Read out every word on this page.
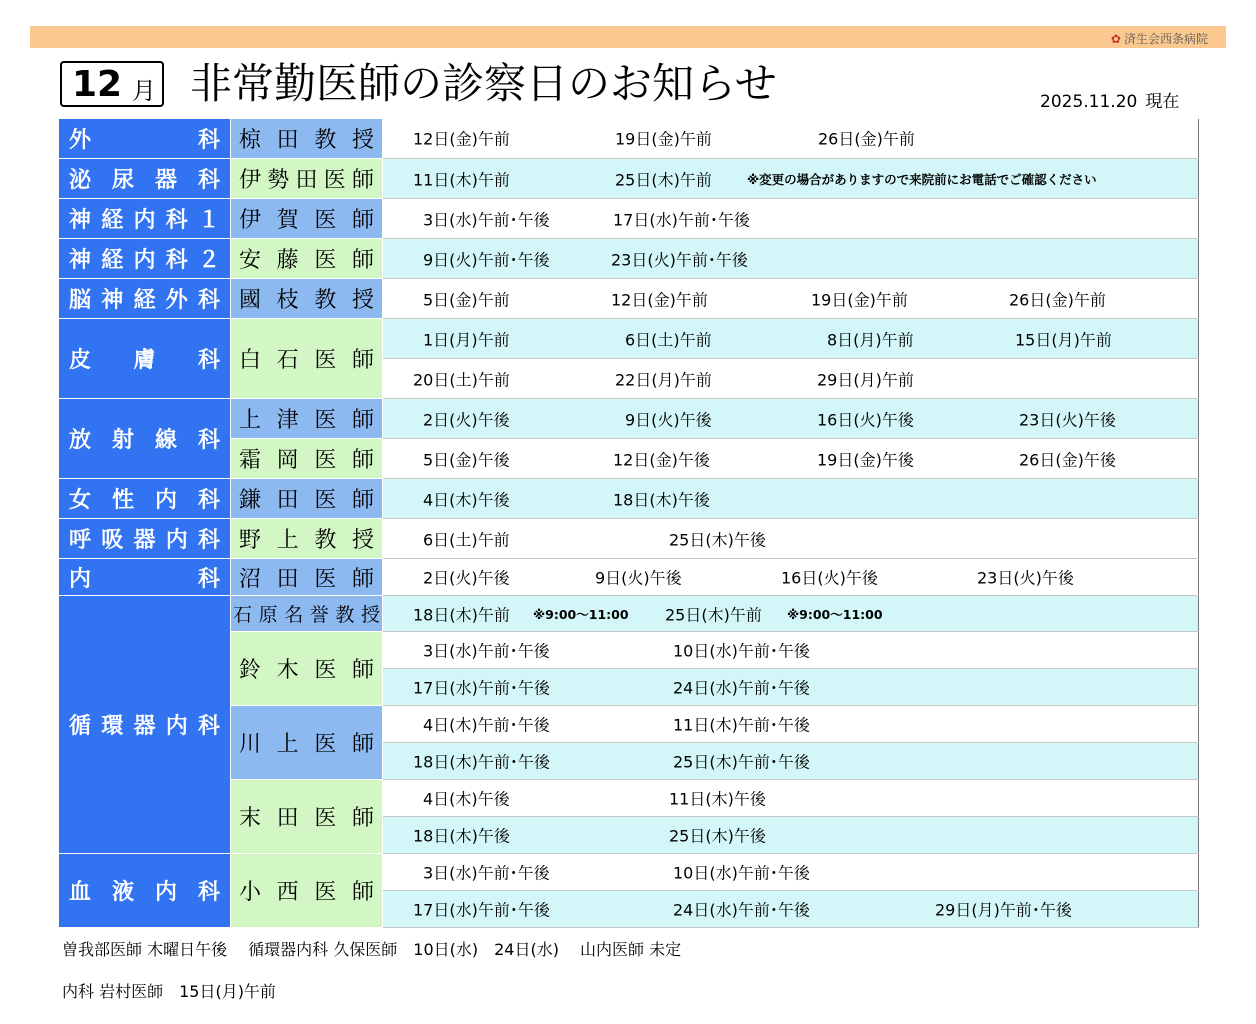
✿ 済生会西条病院
12 月 非常勤医師の診察日のお知らせ	2025.11.20 現在
外科	椋田教授	12日(金)午前 19日(金)午前 26日(金)午前

泌尿器科	伊勢田医師	11日(木)午前 25日(木)午前 ※変更の場合がありますので来院前にお電話でご確認ください

神経内科１	伊賀医師	3日(水)午前･午後 17日(水)午前･午後

神経内科２	安藤医師	9日(火)午前･午後 23日(火)午前･午後

脳神経外科	國枝教授	5日(金)午前 12日(金)午前 19日(金)午前 26日(金)午前

皮膚科	白石医師	1日(月)午前 6日(土)午前 8日(月)午前 15日(月)午前

		20日(土)午前 22日(月)午前 29日(月)午前

放射線科	上津医師	2日(火)午後 9日(火)午後 16日(火)午後 23日(火)午後

	霜岡医師	5日(金)午後 12日(金)午後 19日(金)午後 26日(金)午後

女性内科	鎌田医師	4日(木)午後 18日(木)午後

呼吸器内科	野上教授	6日(土)午前 25日(木)午後

内科	沼田医師	2日(火)午後 9日(火)午後 16日(火)午後 23日(火)午後

循環器内科	石原名誉教授	18日(木)午前 ※9:00～11:00 25日(木)午前 ※9:00～11:00

	鈴木医師	3日(水)午前･午後 10日(水)午前･午後

		17日(水)午前･午後 24日(水)午前･午後

	川上医師	4日(木)午前･午後 11日(木)午前･午後

		18日(木)午前･午後 25日(木)午前･午後

	末田医師	4日(木)午後 11日(木)午後

		18日(木)午後 25日(木)午後

血液内科	小西医師	3日(水)午前･午後 10日(水)午前･午後

		17日(水)午前･午後 24日(水)午前･午後 29日(月)午前･午後
曽我部医師 木曜日午後　 循環器内科 久保医師　10日(水)　24日(水)　 山内医師 未定
内科 岩村医師　15日(月)午前
